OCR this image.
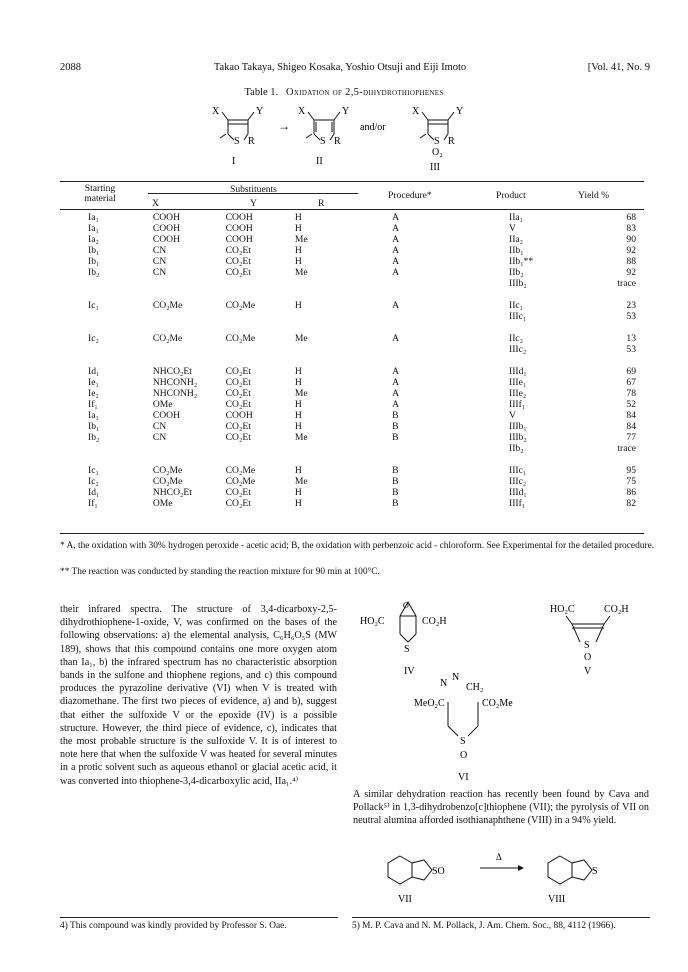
2088	Takao Takaya, Shigeo Kosaka, Yoshio Otsuji and Eiji Imoto	[Vol. 41, No. 9
Table 1. Oxidation of 2,5-dihydrothiophenes
X	Y
S R
I
→
X	Y
S R
II
and/or
X	Y
S R
O₂
III
Starting
material
Substituents
X	Y	R
Procedure*	Product	Yield %
Ia₁	COOH	COOH	H	A	IIa₁	68
Ia₁	COOH	COOH	H	A	V	83
Ia₂	COOH	COOH	Me	A	IIa₂	90
Ib₁	CN	CO₂Et	H	A	IIb₁	92
Ib₁	CN	CO₂Et	H	A	IIb₁**	88
Ib₂	CN	CO₂Et	Me	A	IIb₂	92
					IIIb₂	trace

Ic₁	CO₂Me	CO₂Me	H	A	IIc₁	23
					IIIc₁	53

Ic₂	CO₂Me	CO₂Me	Me	A	IIc₂	13
					IIIc₂	53

Id₁	NHCO₂Et	CO₂Et	H	A	IIId₁	69
Ie₁	NHCONH₂	CO₂Et	H	A	IIIe₁	67
Ie₂	NHCONH₂	CO₂Et	Me	A	IIIe₂	78
If₁	OMe	CO₂Et	H	A	IIIf₁	52
Ia₁	COOH	COOH	H	B	V	84
Ib₁	CN	CO₂Et	H	B	IIIb₁	84
Ib₂	CN	CO₂Et	Me	B	IIIb₂	77
					IIb₂	trace

Ic₁	CO₂Me	CO₂Me	H	B	IIIc₁	95
Ic₂	CO₂Me	CO₂Me	Me	B	IIIc₂	75
Id₁	NHCO₂Et	CO₂Et	H	B	IIId₁	86
If₁	OMe	CO₂Et	H	B	IIIf₁	82
* A, the oxidation with 30% hydrogen peroxide - acetic acid; B, the oxidation with perbenzoic acid - chloroform. See Experimental for the detailed procedure.
** The reaction was conducted by standing the reaction mixture for 90 min at 100°C.
their infrared spectra. The structure of 3,4-dicarboxy-2,5-dihydrothiophene-1-oxide, V, was confirmed on the bases of the following observations: a) the elemental analysis, C₆H₆O₅S (MW 189), shows that this compound contains one more oxygen atom than Ia₁, b) the infrared spectrum has no characteristic absorption bands in the sulfone and thiophene regions, and c) this compound produces the pyrazoline derivative (VI) when V is treated with diazomethane. The first two pieces of evidence, a) and b), suggest that either the sulfoxide V or the epoxide (IV) is a possible structure. However, the third piece of evidence, c), indicates that the most probable structure is the sulfoxide V. It is of interest to note here that when the sulfoxide V was heated for several minutes in a protic solvent such as aqueous ethanol or glacial acetic acid, it was converted into thiophene-3,4-dicarboxylic acid, IIa₁.⁴⁾
O
HO₂C	CO₂H
S
IV
HO₂C	CO₂H
S
O
V
N
N
CH₂
MeO₂C	CO₂Me
S
O
VI
A similar dehydration reaction has recently been found by Cava and Pollack⁵⁾ in 1,3-dihydrobenzo[c]thiophene (VII); the pyrolysis of VII on neutral alumina afforded isothianaphthene (VIII) in a 94% yield.
SO
VII
Δ
S
VIII
4) This compound was kindly provided by Professor S. Oae.	5) M. P. Cava and N. M. Pollack, J. Am. Chem. Soc., 88, 4112 (1966).
